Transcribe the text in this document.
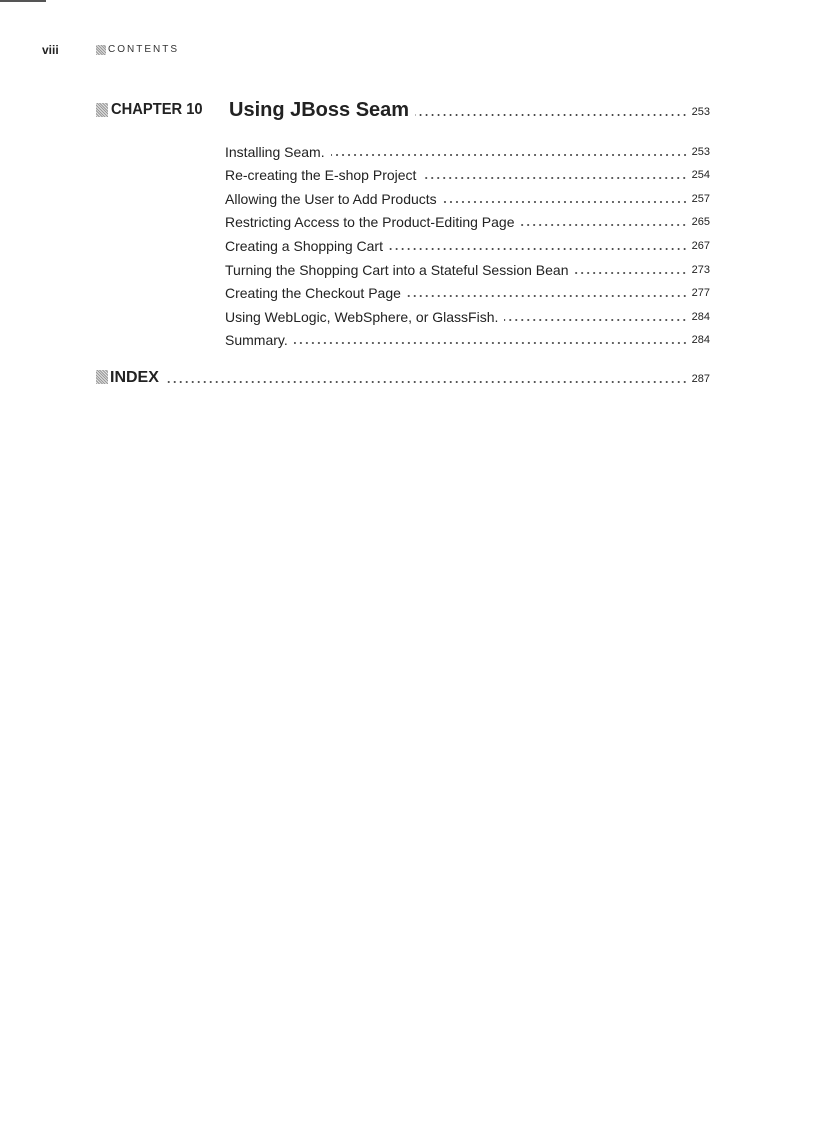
viii	CONTENTS
CHAPTER 10	Using JBoss Seam	253
Installing Seam.	253
Re-creating the E-shop Project	254
Allowing the User to Add Products	257
Restricting Access to the Product-Editing Page	265
Creating a Shopping Cart	267
Turning the Shopping Cart into a Stateful Session Bean	273
Creating the Checkout Page	277
Using WebLogic, WebSphere, or GlassFish.	284
Summary.	284
INDEX	287
